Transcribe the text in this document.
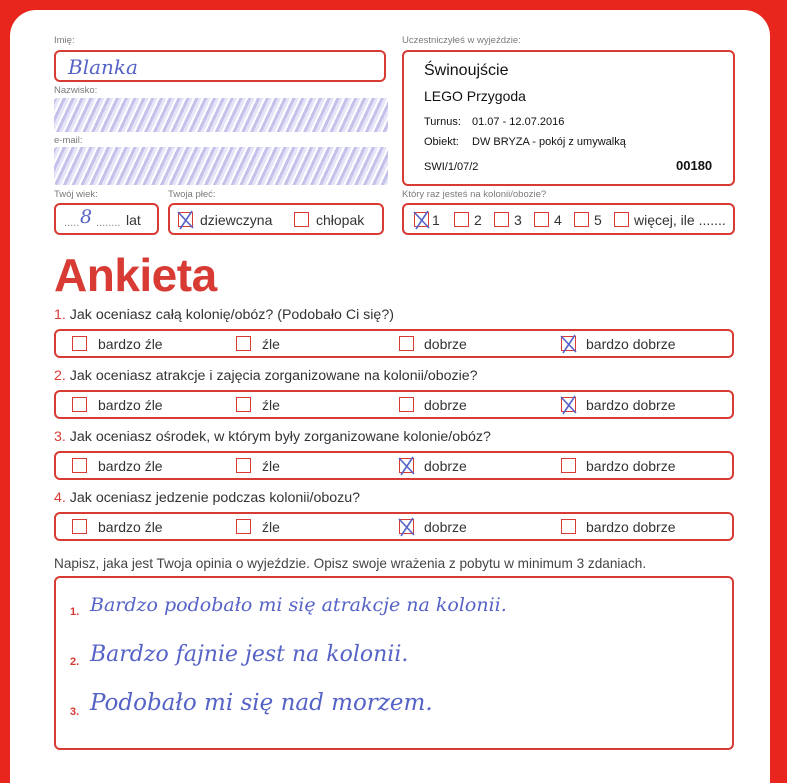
Imię:
Blanka
Nazwisko:
e-mail:
Twój wiek:
..... 8 ........ lat
Twoja płeć:
dziewczyna	chłopak
Uczestniczyłeś w wyjeździe:
Świnoujście
LEGO Przygoda
Turnus: 01.07 - 12.07.2016
Obiekt: DW BRYZA - pokój z umywalką
SWI/1/07/2	00180
Który raz jesteś na kolonii/obozie?
1 2 3 4 5 więcej, ile .......
Ankieta
1. Jak oceniasz całą kolonię/obóz? (Podobało Ci się?)
bardzo źle	źle	dobrze	bardzo dobrze
2. Jak oceniasz atrakcje i zajęcia zorganizowane na kolonii/obozie?
bardzo źle	źle	dobrze	bardzo dobrze
3. Jak oceniasz ośrodek, w którym były zorganizowane kolonie/obóz?
bardzo źle	źle	dobrze	bardzo dobrze
4. Jak oceniasz jedzenie podczas kolonii/obozu?
bardzo źle	źle	dobrze	bardzo dobrze
Napisz, jaka jest Twoja opinia o wyjeździe. Opisz swoje wrażenia z pobytu w minimum 3 zdaniach.
1. Bardzo podobało mi się atrakcje na kolonii.
2. Bardzo fajnie jest na kolonii.
3. Podobało mi się nad morzem.
